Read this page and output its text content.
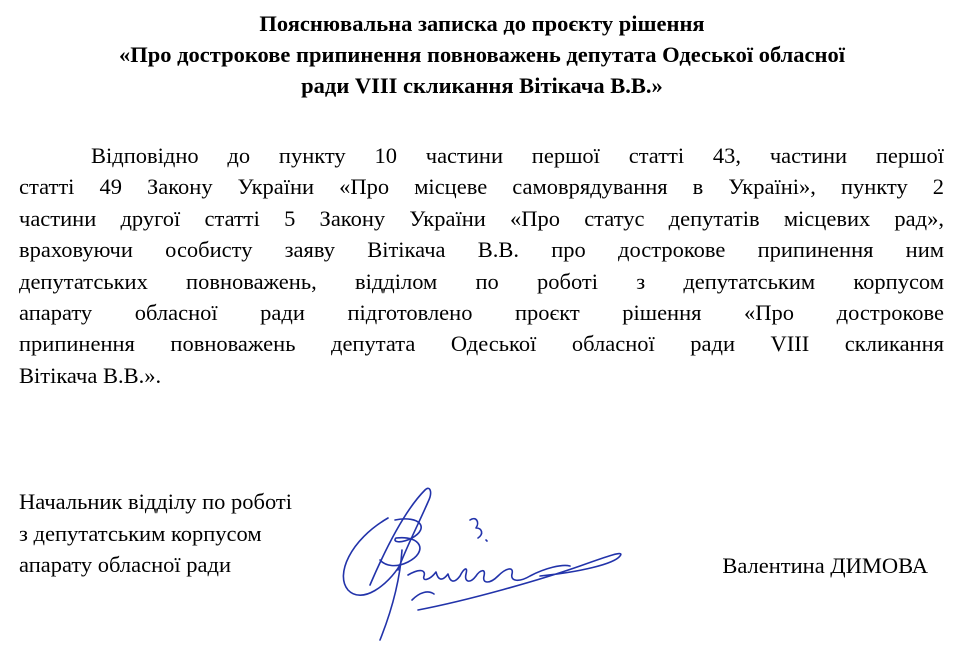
Пояснювальна записка до проєкту рішення
«Про дострокове припинення повноважень депутата Одеської обласної
ради VIII скликання Вітікача В.В.»
Відповідно до пункту 10 частини першої статті 43, частини першої
статті 49 Закону України «Про місцеве самоврядування в Україні», пункту 2
частини другої статті 5 Закону України «Про статус депутатів місцевих рад»,
враховуючи особисту заяву Вітікача В.В. про дострокове припинення ним
депутатських повноважень, відділом по роботі з депутатським корпусом
апарату обласної ради підготовлено проєкт рішення «Про дострокове
припинення повноважень депутата Одеської обласної ради VIII скликання
Вітікача В.В.».
Начальник відділу по роботі
з депутатським корпусом
апарату обласної ради	Валентина ДИМОВА
